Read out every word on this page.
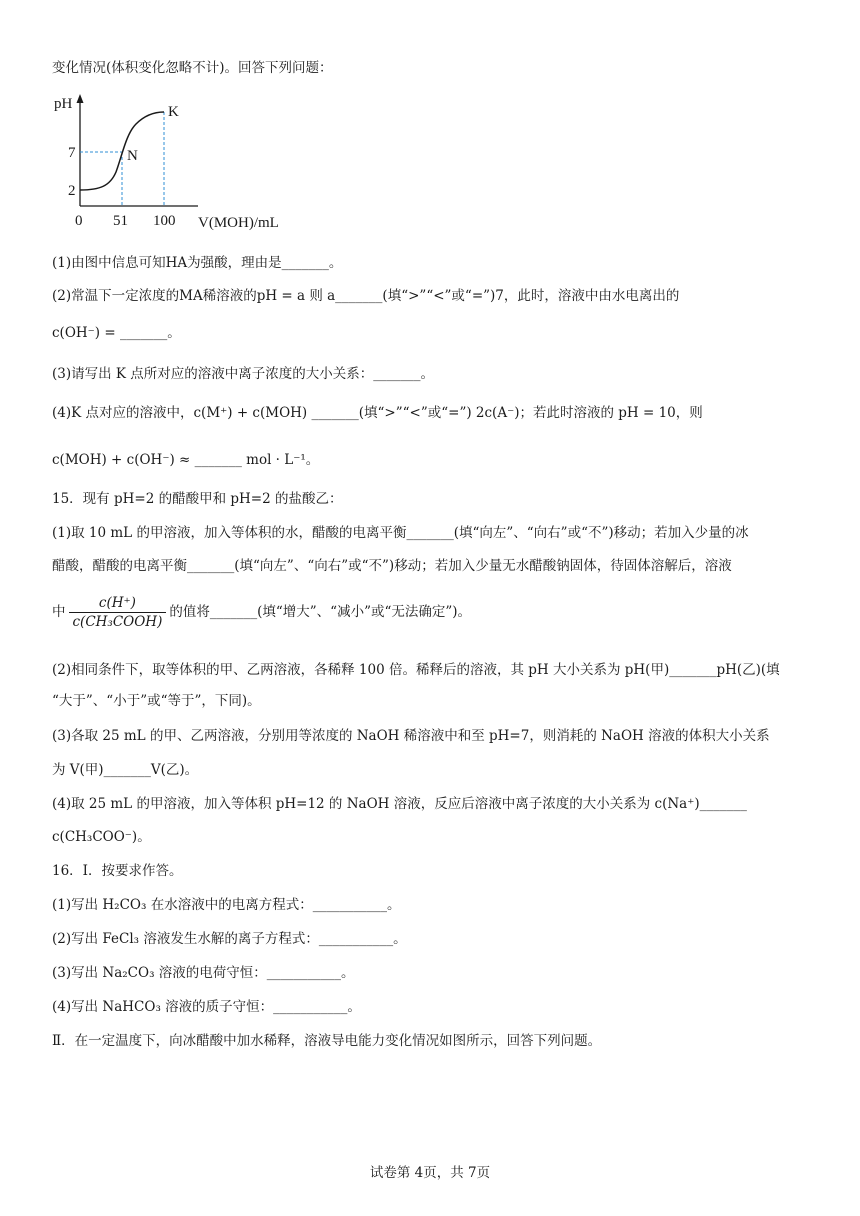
变化情况(体积变化忽略不计)。回答下列问题：
pH
7
2
N
K
0 51 100 V(MOH)/mL
(1)由图中信息可知HA为强酸，理由是_______。
(2)常温下一定浓度的MA稀溶液的pH = a 则 a_______(填“>”“<”或“=”)7，此时，溶液中由水电离出的
c(OH⁻) = _______。
(3)请写出 K 点所对应的溶液中离子浓度的大小关系：_______。
(4)K 点对应的溶液中，c(M⁺) + c(MOH) _______(填“>”“<”或“=”) 2c(A⁻)；若此时溶液的 pH = 10，则
c(MOH) + c(OH⁻) ≈ _______ mol · L⁻¹。
15．现有 pH=2 的醋酸甲和 pH=2 的盐酸乙：
(1)取 10 mL 的甲溶液，加入等体积的水，醋酸的电离平衡_______(填“向左”、“向右”或“不”)移动；若加入少量的冰
醋酸，醋酸的电离平衡_______(填“向左”、“向右”或“不”)移动；若加入少量无水醋酸钠固体，待固体溶解后，溶液
中 $\frac{c(H^+)}{\text{c(CH₃COOH)}}$ 的值将_______(填“增大”、“减小”或“无法确定”)。
(2)相同条件下，取等体积的甲、乙两溶液，各稀释 100 倍。稀释后的溶液，其 pH 大小关系为 pH(甲)_______pH(乙)(填
“大于”、“小于”或“等于”，下同)。
(3)各取 25 mL 的甲、乙两溶液，分别用等浓度的 NaOH 稀溶液中和至 pH=7，则消耗的 NaOH 溶液的体积大小关系
为 V(甲)_______V(乙)。
(4)取 25 mL 的甲溶液，加入等体积 pH=12 的 NaOH 溶液，反应后溶液中离子浓度的大小关系为 c(Na⁺)_______
c(CH₃COO⁻)。
16．Ⅰ．按要求作答。
(1)写出 H₂CO₃ 在水溶液中的电离方程式：___________。
(2)写出 FeCl₃ 溶液发生水解的离子方程式：___________。
(3)写出 Na₂CO₃ 溶液的电荷守恒：___________。
(4)写出 NaHCO₃ 溶液的质子守恒：___________。
Ⅱ．在一定温度下，向冰醋酸中加水稀释，溶液导电能力变化情况如图所示，回答下列问题。
试卷第 4页，共 7页
